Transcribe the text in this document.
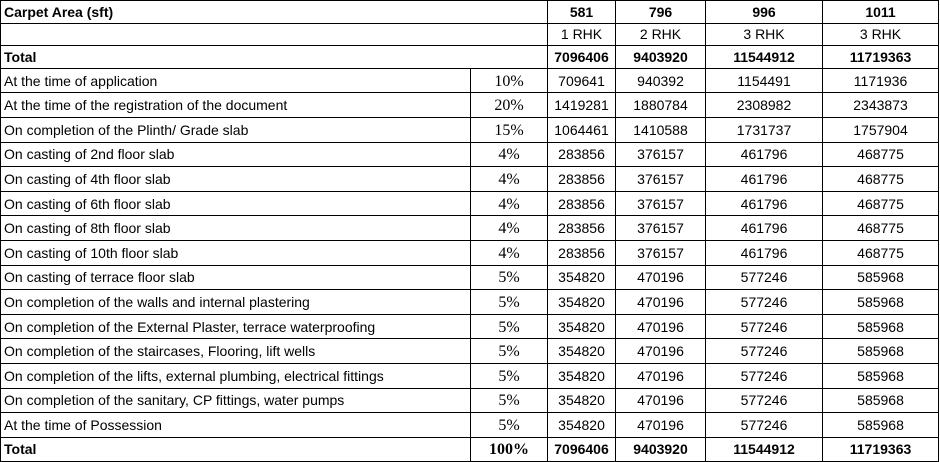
Carpet Area (sft)		581	796	996	1011
		1 RHK	2 RHK	3 RHK	3 RHK
Total		7096406	9403920	11544912	11719363
At the time of application	10%	709641	940392	1154491	1171936
At the time of the registration of the document	20%	1419281	1880784	2308982	2343873
On completion of the Plinth/ Grade slab	15%	1064461	1410588	1731737	1757904
On casting of 2nd floor slab	4%	283856	376157	461796	468775
On casting of 4th floor slab	4%	283856	376157	461796	468775
On casting of 6th floor slab	4%	283856	376157	461796	468775
On casting of 8th floor slab	4%	283856	376157	461796	468775
On casting of 10th floor slab	4%	283856	376157	461796	468775
On casting of terrace floor slab	5%	354820	470196	577246	585968
On completion of the walls and internal plastering	5%	354820	470196	577246	585968
On completion of the External Plaster, terrace waterproofing	5%	354820	470196	577246	585968
On completion of the staircases, Flooring, lift wells	5%	354820	470196	577246	585968
On completion of the lifts, external plumbing, electrical fittings	5%	354820	470196	577246	585968
On completion of the sanitary, CP fittings, water pumps	5%	354820	470196	577246	585968
At the time of Possession	5%	354820	470196	577246	585968
Total	100%	7096406	9403920	11544912	11719363
